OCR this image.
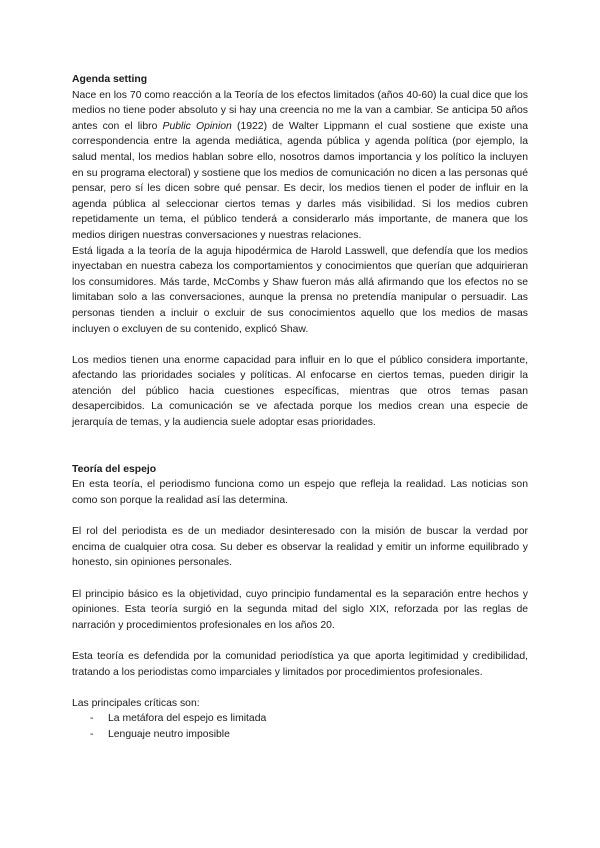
Agenda setting

Nace en los 70 como reacción a la Teoría de los efectos limitados (años 40-60) la cual dice que los medios no tiene poder absoluto y si hay una creencia no me la van a cambiar. Se anticipa 50 años antes con el libro Public Opinion (1922) de Walter Lippmann el cual sostiene que existe una correspondencia entre la agenda mediática, agenda pública y agenda política (por ejemplo, la salud mental, los medios hablan sobre ello, nosotros damos importancia y los político la incluyen en su programa electoral) y sostiene que los medios de comunicación no dicen a las personas qué pensar, pero sí les dicen sobre qué pensar. Es decir, los medios tienen el poder de influir en la agenda pública al seleccionar ciertos temas y darles más visibilidad. Si los medios cubren repetidamente un tema, el público tenderá a considerarlo más importante, de manera que los medios dirigen nuestras conversaciones y nuestras relaciones.

Está ligada a la teoría de la aguja hipodérmica de Harold Lasswell, que defendía que los medios inyectaban en nuestra cabeza los comportamientos y conocimientos que querían que adquirieran los consumidores. Más tarde, McCombs y Shaw fueron más allá afirmando que los efectos no se limitaban solo a las conversaciones, aunque la prensa no pretendía manipular o persuadir. Las personas tienden a incluir o excluir de sus conocimientos aquello que los medios de masas incluyen o excluyen de su contenido, explicó Shaw.

Los medios tienen una enorme capacidad para influir en lo que el público considera importante, afectando las prioridades sociales y políticas. Al enfocarse en ciertos temas, pueden dirigir la atención del público hacia cuestiones específicas, mientras que otros temas pasan desapercibidos. La comunicación se ve afectada porque los medios crean una especie de jerarquía de temas, y la audiencia suele adoptar esas prioridades.

Teoría del espejo

En esta teoría, el periodismo funciona como un espejo que refleja la realidad. Las noticias son como son porque la realidad así las determina.

El rol del periodista es de un mediador desinteresado con la misión de buscar la verdad por encima de cualquier otra cosa. Su deber es observar la realidad y emitir un informe equilibrado y honesto, sin opiniones personales.

El principio básico es la objetividad, cuyo principio fundamental es la separación entre hechos y opiniones. Esta teoría surgió en la segunda mitad del siglo XIX, reforzada por las reglas de narración y procedimientos profesionales en los años 20.

Esta teoría es defendida por la comunidad periodística ya que aporta legitimidad y credibilidad, tratando a los periodistas como imparciales y limitados por procedimientos profesionales.

Las principales críticas son:

- La metáfora del espejo es limitada
- Lenguaje neutro imposible
